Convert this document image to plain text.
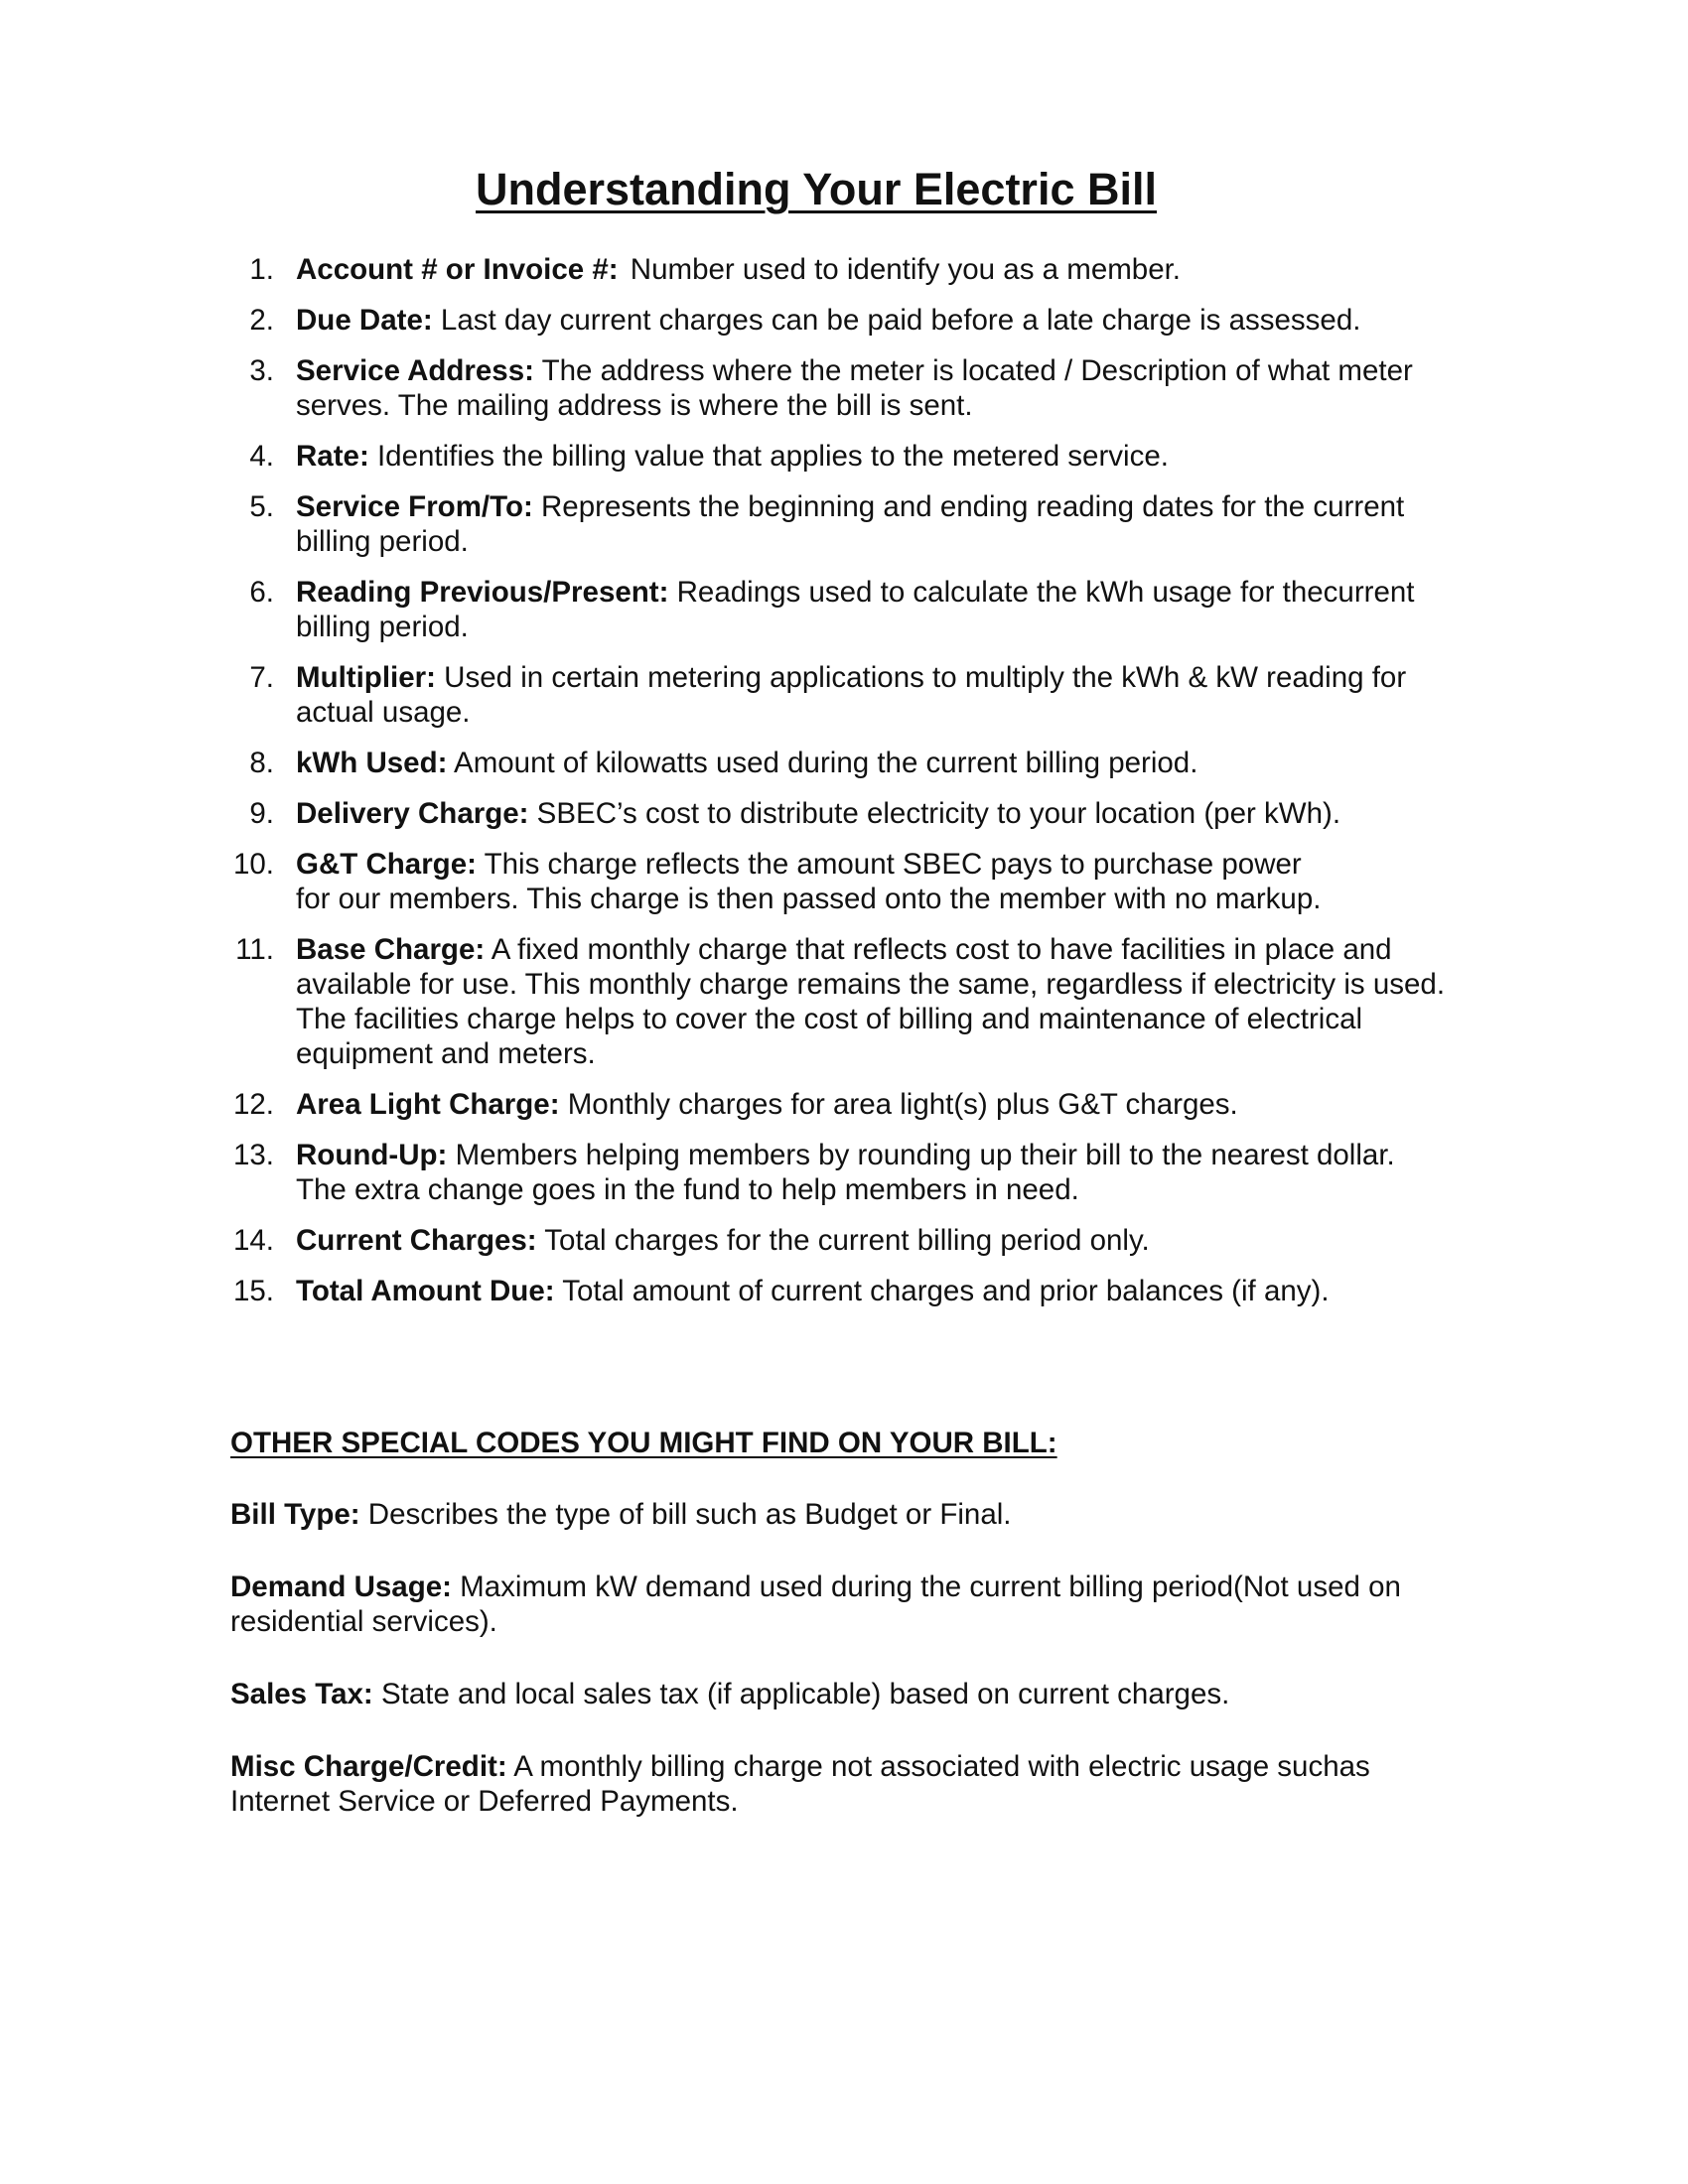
Understanding Your Electric Bill
1. Account # or Invoice #: Number used to identify you as a member.
2. Due Date: Last day current charges can be paid before a late charge is assessed.
3. Service Address: The address where the meter is located / Description of what meter serves. The mailing address is where the bill is sent.
4. Rate: Identifies the billing value that applies to the metered service.
5. Service From/To: Represents the beginning and ending reading dates for the current billing period.
6. Reading Previous/Present: Readings used to calculate the kWh usage for thecurrent billing period.
7. Multiplier: Used in certain metering applications to multiply the kWh & kW reading for actual usage.
8. kWh Used: Amount of kilowatts used during the current billing period.
9. Delivery Charge: SBEC’s cost to distribute electricity to your location (per kWh).
10. G&T Charge: This charge reflects the amount SBEC pays to purchase power for our members. This charge is then passed onto the member with no markup.
11. Base Charge: A fixed monthly charge that reflects cost to have facilities in place and available for use. This monthly charge remains the same, regardless if electricity is used. The facilities charge helps to cover the cost of billing and maintenance of electrical equipment and meters.
12. Area Light Charge: Monthly charges for area light(s) plus G&T charges.
13. Round-Up: Members helping members by rounding up their bill to the nearest dollar. The extra change goes in the fund to help members in need.
14. Current Charges: Total charges for the current billing period only.
15. Total Amount Due: Total amount of current charges and prior balances (if any).
OTHER SPECIAL CODES YOU MIGHT FIND ON YOUR BILL:

Bill Type: Describes the type of bill such as Budget or Final.

Demand Usage: Maximum kW demand used during the current billing period(Not used on residential services).

Sales Tax: State and local sales tax (if applicable) based on current charges.

Misc Charge/Credit: A monthly billing charge not associated with electric usage suchas Internet Service or Deferred Payments.
